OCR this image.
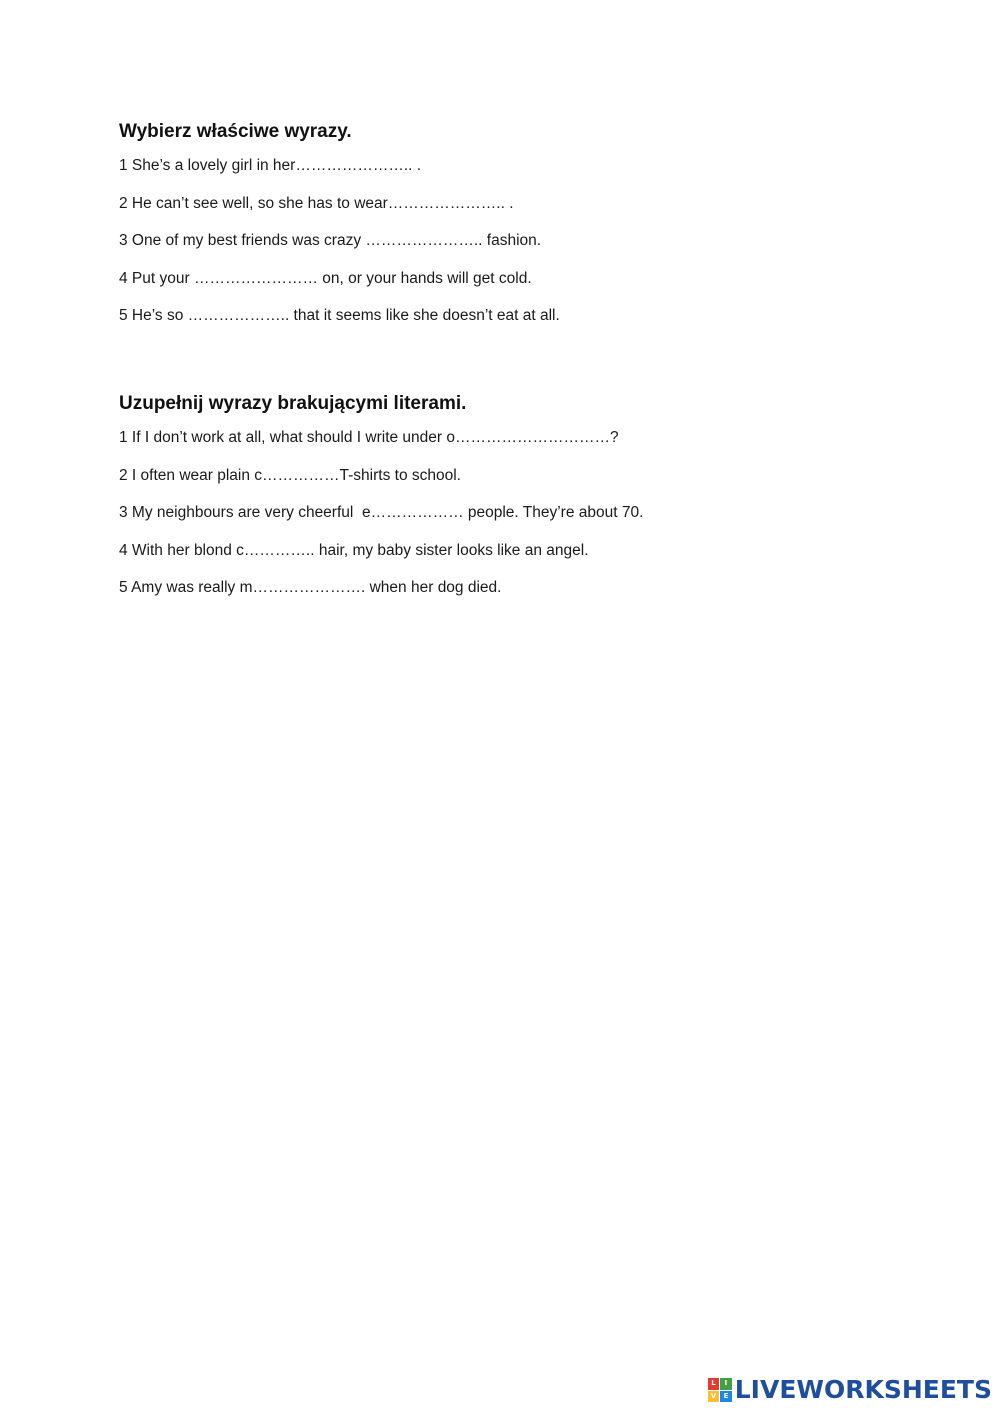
Wybierz właściwe wyrazy.
1 She’s a lovely girl in her………………….. .
2 He can’t see well, so she has to wear………………….. .
3 One of my best friends was crazy ………………….. fashion.
4 Put your …………………… on, or your hands will get cold.
5 He’s so ……………….. that it seems like she doesn’t eat at all.
Uzupełnij wyrazy brakującymi literami.
1 If I don’t work at all, what should I write under o…………………………?
2 I often wear plain c……………T-shirts to school.
3 My neighbours are very cheerful  e……………… people. They’re about 70.
4 With her blond c………….. hair, my baby sister looks like an angel.
5 Amy was really m…………………. when her dog died.
L	I
V	E LIVEWORKSHEETS
